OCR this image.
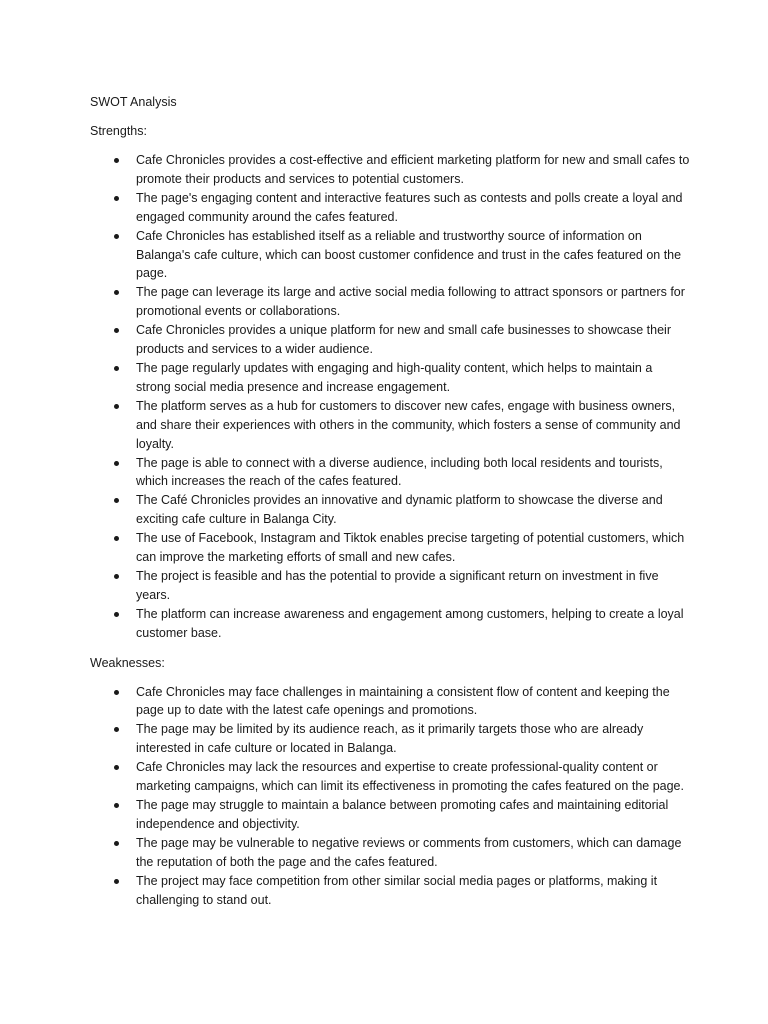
SWOT Analysis
Strengths:
Cafe Chronicles provides a cost-effective and efficient marketing platform for new and small cafes to promote their products and services to potential customers.
The page's engaging content and interactive features such as contests and polls create a loyal and engaged community around the cafes featured.
Cafe Chronicles has established itself as a reliable and trustworthy source of information on Balanga's cafe culture, which can boost customer confidence and trust in the cafes featured on the page.
The page can leverage its large and active social media following to attract sponsors or partners for promotional events or collaborations.
Cafe Chronicles provides a unique platform for new and small cafe businesses to showcase their products and services to a wider audience.
The page regularly updates with engaging and high-quality content, which helps to maintain a strong social media presence and increase engagement.
The platform serves as a hub for customers to discover new cafes, engage with business owners, and share their experiences with others in the community, which fosters a sense of community and loyalty.
The page is able to connect with a diverse audience, including both local residents and tourists, which increases the reach of the cafes featured.
The Café Chronicles provides an innovative and dynamic platform to showcase the diverse and exciting cafe culture in Balanga City.
The use of Facebook, Instagram and Tiktok enables precise targeting of potential customers, which can improve the marketing efforts of small and new cafes.
The project is feasible and has the potential to provide a significant return on investment in five years.
The platform can increase awareness and engagement among customers, helping to create a loyal customer base.
Weaknesses:
Cafe Chronicles may face challenges in maintaining a consistent flow of content and keeping the page up to date with the latest cafe openings and promotions.
The page may be limited by its audience reach, as it primarily targets those who are already interested in cafe culture or located in Balanga.
Cafe Chronicles may lack the resources and expertise to create professional-quality content or marketing campaigns, which can limit its effectiveness in promoting the cafes featured on the page.
The page may struggle to maintain a balance between promoting cafes and maintaining editorial independence and objectivity.
The page may be vulnerable to negative reviews or comments from customers, which can damage the reputation of both the page and the cafes featured.
The project may face competition from other similar social media pages or platforms, making it challenging to stand out.
